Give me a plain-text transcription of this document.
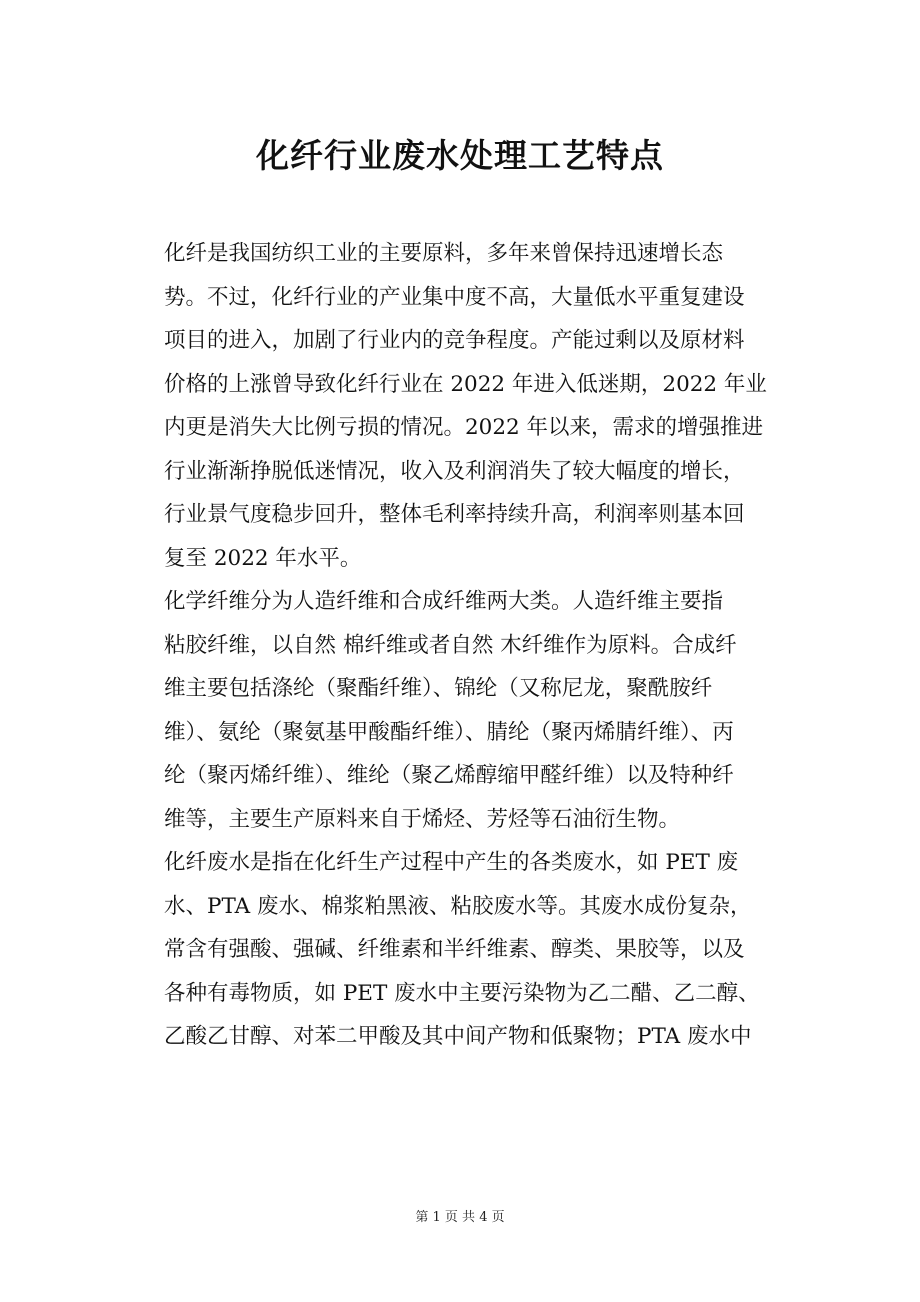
化纤行业废水处理工艺特点
化纤是我国纺织工业的主要原料，多年来曾保持迅速增长态
势。不过，化纤行业的产业集中度不高，大量低水平重复建设
项目的进入，加剧了行业内的竞争程度。产能过剩以及原材料
价格的上涨曾导致化纤行业在 2022 年进入低迷期，2022 年业
内更是消失大比例亏损的情况。2022 年以来，需求的增强推进
行业渐渐挣脱低迷情况，收入及利润消失了较大幅度的增长，
行业景气度稳步回升，整体毛利率持续升高，利润率则基本回
复至 2022 年水平。
化学纤维分为人造纤维和合成纤维两大类。人造纤维主要指
粘胶纤维，以自然 棉纤维或者自然 木纤维作为原料。合成纤
维主要包括涤纶（聚酯纤维）、锦纶（又称尼龙，聚酰胺纤
维）、氨纶（聚氨基甲酸酯纤维）、腈纶（聚丙烯腈纤维）、丙
纶（聚丙烯纤维）、维纶（聚乙烯醇缩甲醛纤维）以及特种纤
维等，主要生产原料来自于烯烃、芳烃等石油衍生物。
化纤废水是指在化纤生产过程中产生的各类废水，如 PET 废
水、PTA 废水、棉浆粕黑液、粘胶废水等。其废水成份复杂，
常含有强酸、强碱、纤维素和半纤维素、醇类、果胶等，以及
各种有毒物质，如 PET 废水中主要污染物为乙二醋、乙二醇、
乙酸乙甘醇、对苯二甲酸及其中间产物和低聚物；PTA 废水中
第 1 页 共 4 页
